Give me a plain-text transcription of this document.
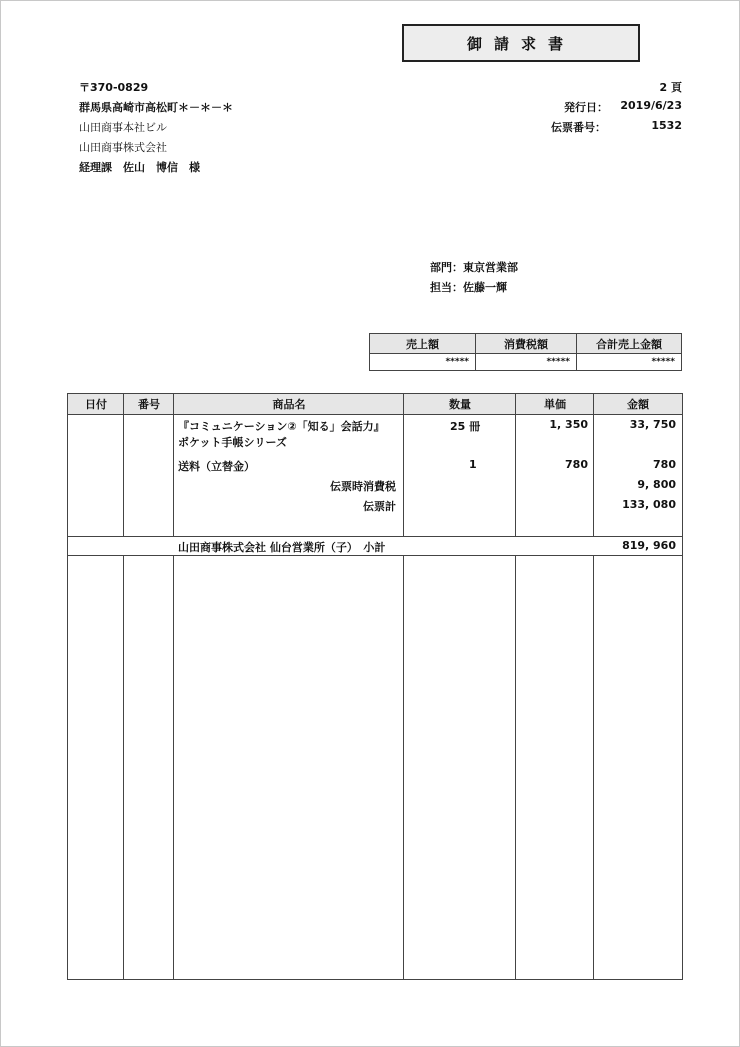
御請求書
〒370-0829
群馬県高崎市高松町＊－＊－＊
山田商事本社ビル
山田商事株式会社
経理課　佐山　博信　様
2 頁
発行日： 2019/6/23
伝票番号：	1532
部門：東京営業部
担当：佐藤一輝
売上額	消費税額	合計売上金額
*****	*****	*****
日付	番号	商品名	数量	単価	金額
『コミュニケーション②「知る」会話力』
ポケット手帳シリーズ
25 冊	1, 350	33, 750
送料（立替金）	1	780	780
伝票時消費税	9, 800
伝票計	133, 080
山田商事株式会社 仙台営業所（子）　小計	819, 960
